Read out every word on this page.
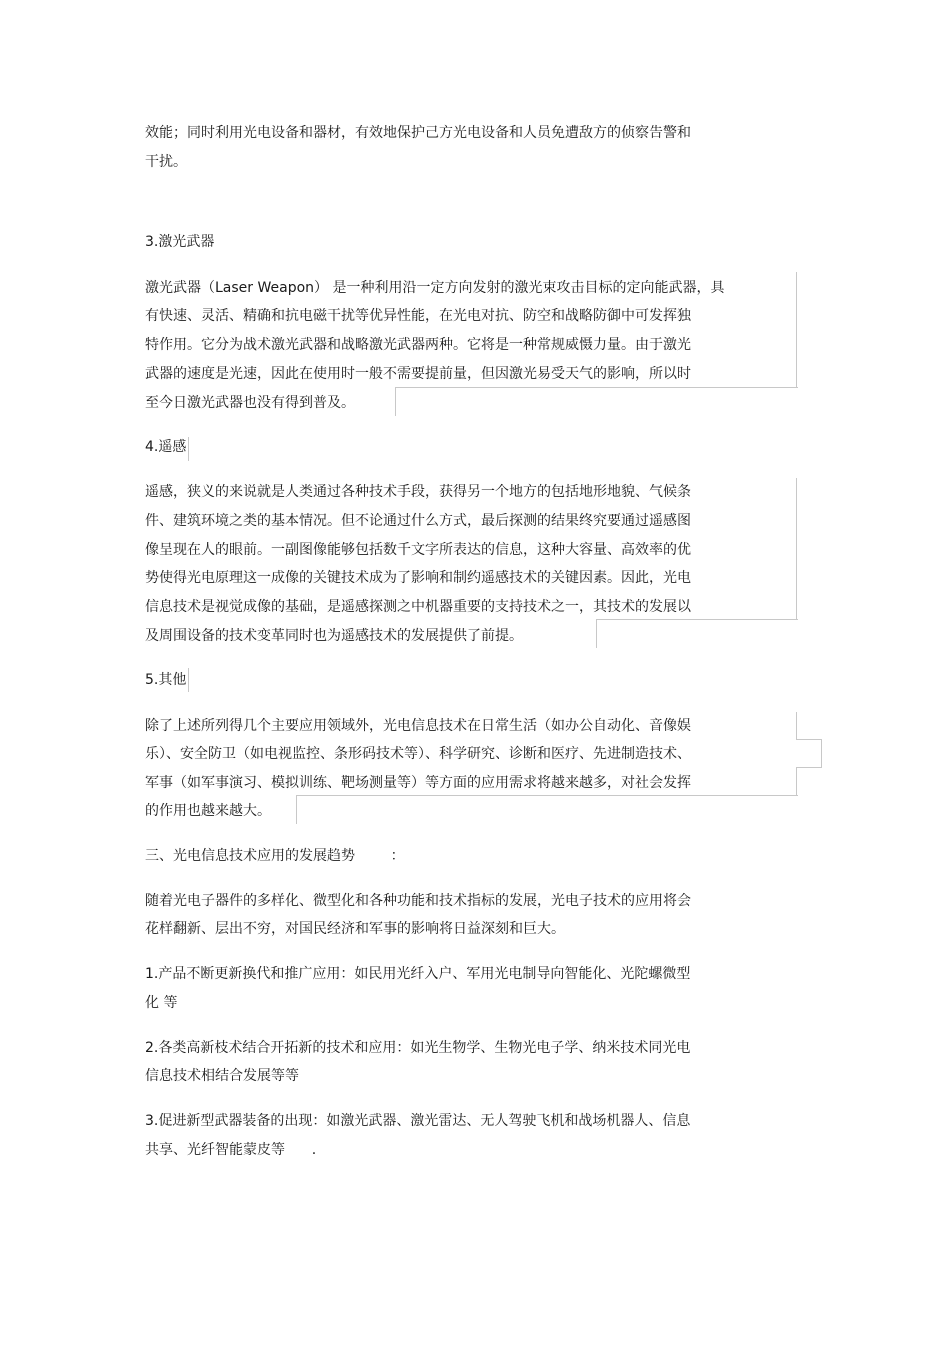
效能；同时利用光电设备和器材，有效地保护己方光电设备和人员免遭敌方的侦察告警和

干扰。

3.激光武器

激光武器（Laser Weapon） 是一种利用沿一定方向发射的激光束攻击目标的定向能武器，具

有快速、灵活、精确和抗电磁干扰等优异性能，在光电对抗、防空和战略防御中可发挥独

特作用。它分为战术激光武器和战略激光武器两种。它将是一种常规威慑力量。由于激光

武器的速度是光速，因此在使用时一般不需要提前量，但因激光易受天气的影响，所以时

至今日激光武器也没有得到普及。

4.遥感

遥感，狭义的来说就是人类通过各种技术手段，获得另一个地方的包括地形地貌、气候条

件、建筑环境之类的基本情况。但不论通过什么方式，最后探测的结果终究要通过遥感图

像呈现在人的眼前。一副图像能够包括数千文字所表达的信息，这种大容量、高效率的优

势使得光电原理这一成像的关键技术成为了影响和制约遥感技术的关键因素。因此，光电

信息技术是视觉成像的基础，是遥感探测之中机器重要的支持技术之一，其技术的发展以

及周围设备的技术变革同时也为遥感技术的发展提供了前提。

5.其他

除了上述所列得几个主要应用领域外，光电信息技术在日常生活（如办公自动化、音像娱

乐）、安全防卫（如电视监控、条形码技术等）、科学研究、诊断和医疗、先进制造技术、

军事（如军事演习、模拟训练、靶场测量等）等方面的应用需求将越来越多，对社会发挥

的作用也越来越大。

三、光电信息技术应用的发展趋势        ：

随着光电子器件的多样化、微型化和各种功能和技术指标的发展，光电子技术的应用将会

花样翻新、层出不穷，对国民经济和军事的影响将日益深刻和巨大。

1.产品不断更新换代和推广应用：如民用光纤入户、军用光电制导向智能化、光陀螺微型

化 等

2.各类高新枝术结合开拓新的技术和应用：如光生物学、生物光电子学、纳米技术同光电

信息技术相结合发展等等

3.促进新型武器装备的出现：如激光武器、激光雷达、无人驾驶飞机和战场机器人、信息

共享、光纤智能蒙皮等      .
